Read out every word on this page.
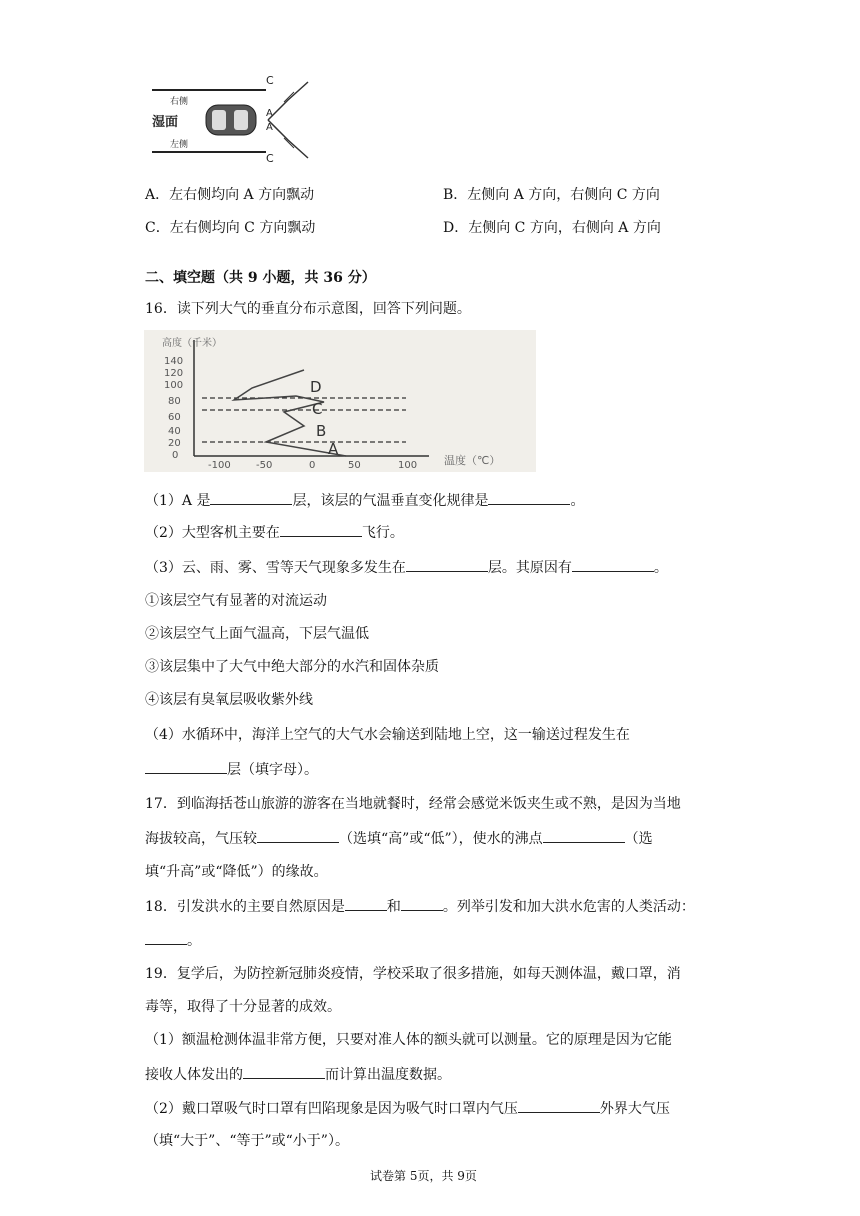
右侧
湿面
左侧
C
A
A
C
A．左右侧均向 A 方向飘动	B．左侧向 A 方向，右侧向 C 方向
C．左右侧均向 C 方向飘动	D．左侧向 C 方向，右侧向 A 方向
二、填空题（共 9 小题，共 36 分）
16．读下列大气的垂直分布示意图，回答下列问题。
高度（千米）
140
120
100
80
60
40
20
0
-100	-50	0	50	100 温度（℃）
D
C
B
A
（1）A 是	层，该层的气温垂直变化规律是	。
（2）大型客机主要在	飞行。
（3）云、雨、雾、雪等天气现象多发生在	层。其原因有	。
①该层空气有显著的对流运动
②该层空气上面气温高，下层气温低
③该层集中了大气中绝大部分的水汽和固体杂质
④该层有臭氧层吸收紫外线
（4）水循环中，海洋上空气的大气水会输送到陆地上空，这一输送过程发生在
层（填字母）。
17．到临海括苍山旅游的游客在当地就餐时，经常会感觉米饭夹生或不熟，是因为当地
海拔较高，气压较	（选填“高”或“低”），使水的沸点	（选
填“升高”或“降低”）的缘故。
18．引发洪水的主要自然原因是	和	。列举引发和加大洪水危害的人类活动：
。
19．复学后，为防控新冠肺炎疫情，学校采取了很多措施，如每天测体温，戴口罩，消
毒等，取得了十分显著的成效。
（1）额温枪测体温非常方便，只要对准人体的额头就可以测量。它的原理是因为它能
接收人体发出的	而计算出温度数据。
（2）戴口罩吸气时口罩有凹陷现象是因为吸气时口罩内气压	外界大气压
（填“大于”、“等于”或“小于”）。
试卷第 5页，共 9页
